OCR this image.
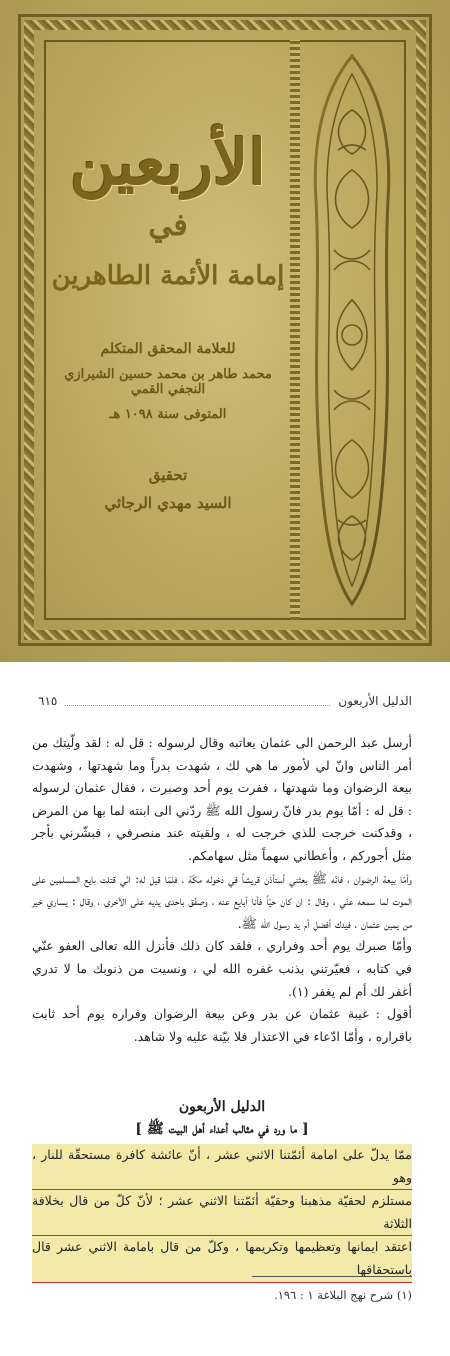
الأربعين
في
إمامة الأئمة الطاهرين
للعلامة المحقق المتكلم
محمد طاهر بن محمد حسين الشيرازي النجفي القمي
المتوفى سنة ١٠٩٨ هـ
تحقيق
السيد مهدي الرجائي
الدليل الأربعون
٦١٥

أرسل عبد الرحمن الى عثمان يعاتبه وقال لرسوله : قل له : لقد ولّيتك من أمر الناس وانّ لي لأمور ما هي لك ، شهدت بدراً وما شهدتها ، وشهدت بيعة الرضوان وما شهدتها ، ففرت يوم أحد وصبرت ، فقال عثمان لرسوله : قل له : أمّا يوم بدر فانّ رسول الله ﷺ ردّني الى ابنته لما بها من المرض ، وقدكنت خرجت للذي خرجت له ، ولقيته عند منصرفي ، فبشّرني بأجر مثل أجوركم ، وأعطاني سهماً مثل سهامكم.

وأمّا بيعة الرضوان ، فانّه ﷺ بعثني أستأذن قريشاً في دخوله مكّة ، فلمّا قيل له: انّي قتلت بايع المسلمين على الموت لما سمعه عنّي ، وقال : ان كان حيّاً فأنا أبايع عنه ، وصفّق باحدى يديه على الأخرى ، وقال : يساري خير من يمين عثمان ، فيدك أفضل أم يد رسول الله ﷺ.

وأمّا صبرك يوم أحد وفراري ، فلقد كان ذلك فأنزل الله تعالى العفو عنّي في كتابه ، فعيّرتني بذنب غفره الله لي ، ونسيت من ذنوبك ما لا تدري أغفر لك أم لم يغفر (١).

أقول : غيبة عثمان عن بدر وعن بيعة الرضوان وفراره يوم أحد ثابت باقراره ، وأمّا ادّعاء في الاعتذار فلا بيّنة عليه ولا شاهد.

الدليل الأربعون
[ ما ورد في مثالب أعداء أهل البيت ﷺ ]
ممّا يدلّ على امامة أئمّتنا الاثني عشر ، أنّ عائشة كافرة مستحقّة للنار ، وهو
مستلزم لحقيّة مذهبنا وحقيّة أئمّتنا الاثني عشر ؛ لأنّ كلّ من قال بخلافة الثلاثة
اعتقد ايمانها وتعظيمها وتكريمها ، وكلّ من قال بامامة الاثني عشر قال باستحقاقها
(١) شرح نهج البلاغة ١ : ١٩٦.
